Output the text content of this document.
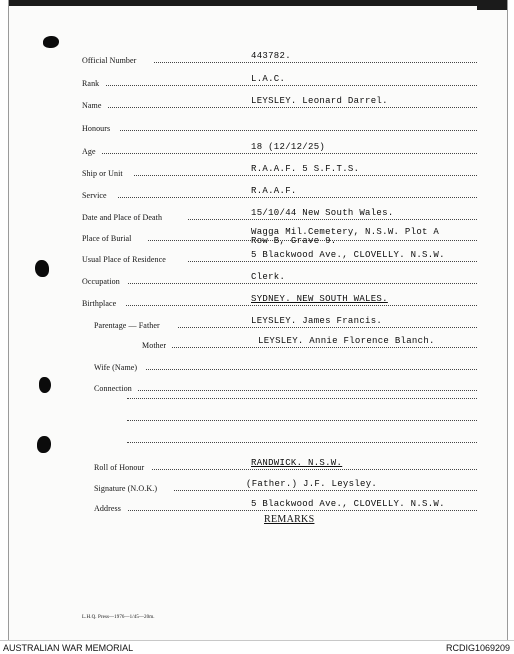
Official Number	443782.
Rank	L.A.C.
Name	LEYSLEY. Leonard Darrel.
Honours
Age	18 (12/12/25)
Ship or Unit	R.A.A.F. 5 S.F.T.S.
Service	R.A.A.F.
Date and Place of Death	15/10/44 New South Wales.
Place of Burial
Wagga Mil.Cemetery, N.S.W. Plot A
Row B, Grave 9.
Usual Place of Residence	5 Blackwood Ave., CLOVELLY. N.S.W.
Occupation	Clerk.
Birthplace	SYDNEY. NEW SOUTH WALES.
Parentage — Father	LEYSLEY. James Francis.
Mother	LEYSLEY. Annie Florence Blanch.
Wife (Name)
Connection
Roll of Honour	RANDWICK. N.S.W.
Signature (N.O.K.)	(Father.) J.F. Leysley.
Address	5 Blackwood Ave., CLOVELLY. N.S.W.
REMARKS
L.H.Q. Press—1976—1/45—20m.
AUSTRALIAN WAR MEMORIAL	RCDIG1069209
